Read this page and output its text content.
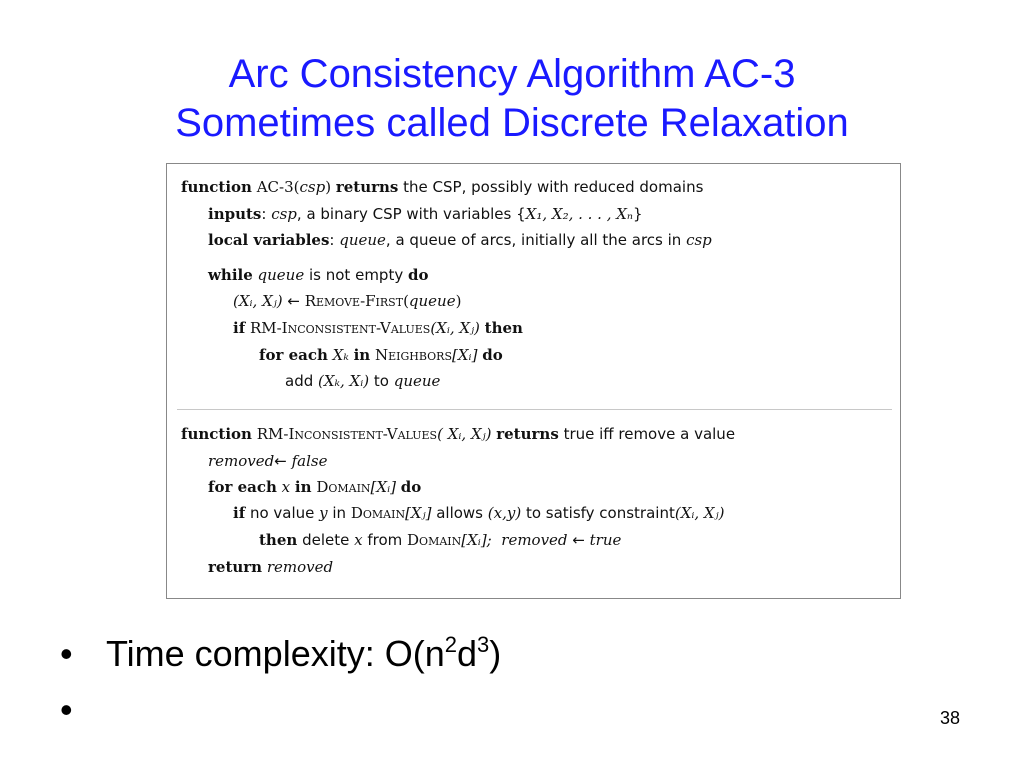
Arc Consistency Algorithm AC-3
Sometimes called Discrete Relaxation
function AC-3(csp) returns the CSP, possibly with reduced domains
inputs: csp, a binary CSP with variables {X₁, X₂, . . . , Xₙ}
local variables: queue, a queue of arcs, initially all the arcs in csp
while queue is not empty do
(Xᵢ, Xⱼ) ← Remove-First(queue)
if RM-Inconsistent-Values(Xᵢ, Xⱼ) then
for each Xₖ in Neighbors[Xᵢ] do
add (Xₖ, Xᵢ) to queue
function RM-Inconsistent-Values( Xᵢ, Xⱼ) returns true iff remove a value
removed← false
for each x in Domain[Xᵢ] do
if no value y in Domain[Xⱼ] allows (x,y) to satisfy constraint(Xᵢ, Xⱼ)
then delete x from Domain[Xᵢ]; removed ← true
return removed
• Time complexity: $O(n^2d^3)$
•	38
